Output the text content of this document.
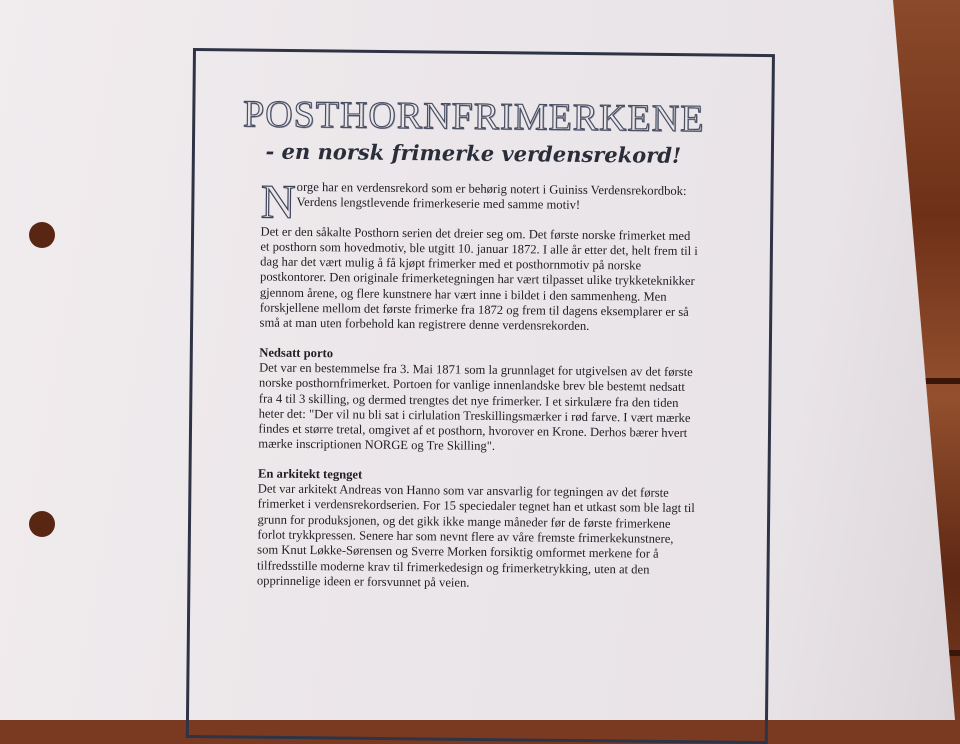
POSTHORNFRIMERKENE
- en norsk frimerke verdensrekord!

Norge har en verdensrekord som er behørig notert i Guiniss Verdensrekordbok: Verdens lengstlevende frimerkeserie med samme motiv!

Det er den såkalte Posthorn serien det dreier seg om. Det første norske frimerket med et posthorn som hovedmotiv, ble utgitt 10. januar 1872. I alle år etter det, helt frem til i dag har det vært mulig å få kjøpt frimerker med et posthornmotiv på norske postkontorer. Den originale frimerketegningen har vært tilpasset ulike trykketeknikker gjennom årene, og flere kunstnere har vært inne i bildet i den sammenheng. Men forskjellene mellom det første frimerke fra 1872 og frem til dagens eksemplarer er så små at man uten forbehold kan registrere denne verdensrekorden.

Nedsatt porto
Det var en bestemmelse fra 3. Mai 1871 som la grunnlaget for utgivelsen av det første norske posthornfrimerket. Portoen for vanlige innenlandske brev ble bestemt nedsatt fra 4 til 3 skilling, og dermed trengtes det nye frimerker. I et sirkulære fra den tiden heter det: "Der vil nu bli sat i cirlulation Treskillingsmærker i rød farve. I vært mærke findes et større tretal, omgivet af et posthorn, hvorover en Krone. Derhos bærer hvert mærke inscriptionen NORGE og Tre Skilling".

En arkitekt tegnget
Det var arkitekt Andreas von Hanno som var ansvarlig for tegningen av det første frimerket i verdensrekordserien. For 15 speciedaler tegnet han et utkast som ble lagt til grunn for produksjonen, og det gikk ikke mange måneder før de første frimerkene forlot trykkpressen. Senere har som nevnt flere av våre fremste frimerkekunstnere, som Knut Løkke-Sørensen og Sverre Morken forsiktig omformet merkene for å tilfredsstille moderne krav til frimerkedesign og frimerketrykking, uten at den opprinnelige ideen er forsvunnet på veien.
